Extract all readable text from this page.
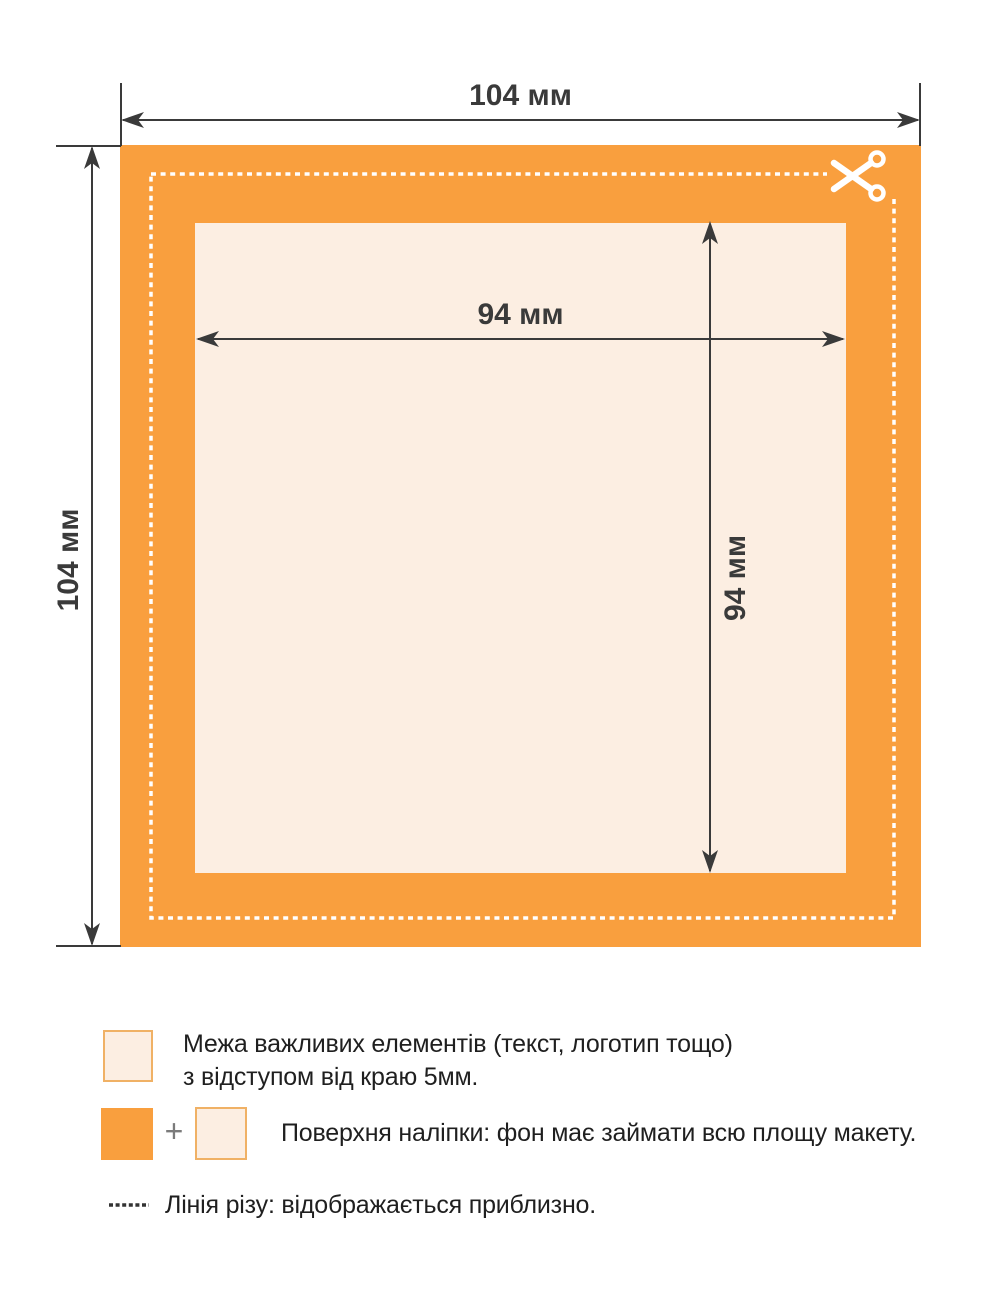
104 мм
104 мм
94 мм
94 мм
Межа важливих елементів (текст, логотип тощо)
з відступом від краю 5мм.
+	Поверхня наліпки: фон має займати всю площу макету.
Лінія різу: відображається приблизно.
